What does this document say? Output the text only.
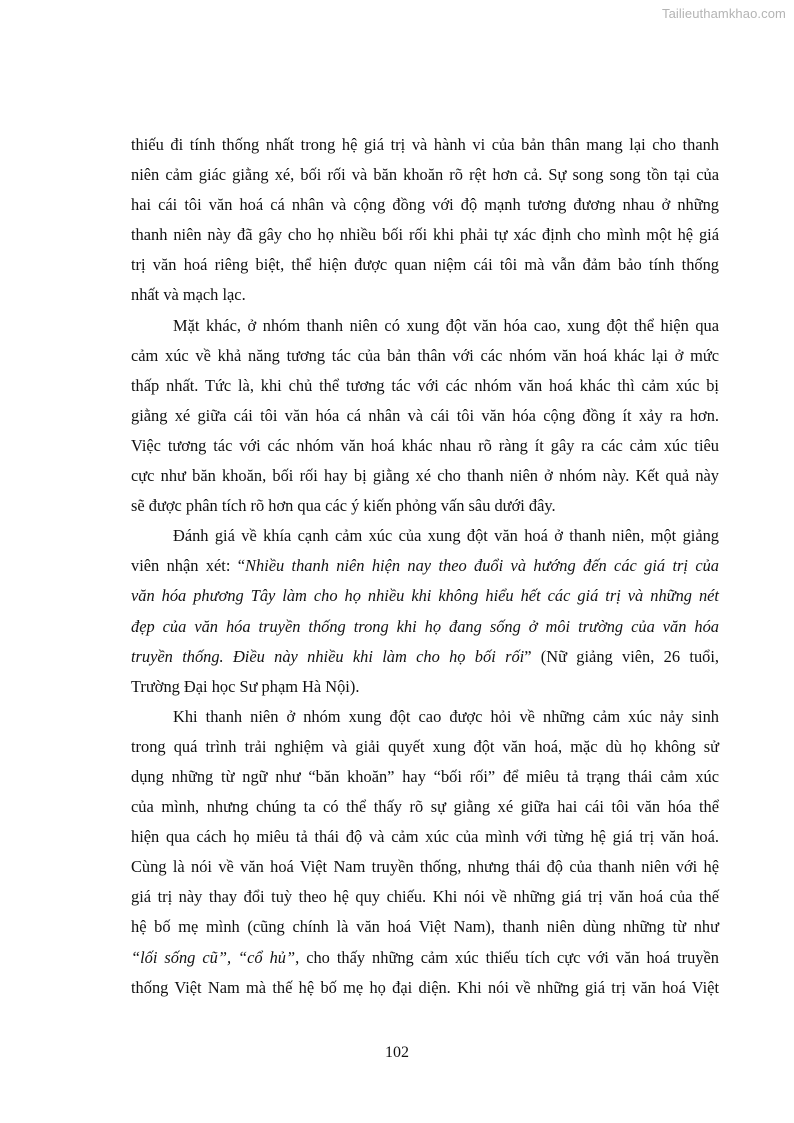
Tailieuthamkhao.com

thiếu đi tính thống nhất trong hệ giá trị và hành vi của bản thân mang lại cho thanh
niên cảm giác giằng xé, bối rối và băn khoăn rõ rệt hơn cả. Sự song song tồn tại của
hai cái tôi văn hoá cá nhân và cộng đồng với độ mạnh tương đương nhau ở những
thanh niên này đã gây cho họ nhiều bối rối khi phải tự xác định cho mình một hệ giá
trị văn hoá riêng biệt, thể hiện được quan niệm cái tôi mà vẫn đảm bảo tính thống
nhất và mạch lạc.

Mặt khác, ở nhóm thanh niên có xung đột văn hóa cao, xung đột thể hiện qua
cảm xúc về khả năng tương tác của bản thân với các nhóm văn hoá khác lại ở mức
thấp nhất. Tức là, khi chủ thể tương tác với các nhóm văn hoá khác thì cảm xúc bị
giằng xé giữa cái tôi văn hóa cá nhân và cái tôi văn hóa cộng đồng ít xảy ra hơn.
Việc tương tác với các nhóm văn hoá khác nhau rõ ràng ít gây ra các cảm xúc tiêu
cực như băn khoăn, bối rối hay bị giằng xé cho thanh niên ở nhóm này. Kết quả này
sẽ được phân tích rõ hơn qua các ý kiến phỏng vấn sâu dưới đây.

Đánh giá về khía cạnh cảm xúc của xung đột văn hoá ở thanh niên, một giảng
viên nhận xét: “Nhiều thanh niên hiện nay theo đuổi và hướng đến các giá trị của
văn hóa phương Tây làm cho họ nhiều khi không hiểu hết các giá trị và những nét
đẹp của văn hóa truyền thống trong khi họ đang sống ở môi trường của văn hóa
truyền thống. Điều này nhiều khi làm cho họ bối rối” (Nữ giảng viên, 26 tuổi,
Trường Đại học Sư phạm Hà Nội).

Khi thanh niên ở nhóm xung đột cao được hỏi về những cảm xúc nảy sinh
trong quá trình trải nghiệm và giải quyết xung đột văn hoá, mặc dù họ không sử
dụng những từ ngữ như “băn khoăn” hay “bối rối” để miêu tả trạng thái cảm xúc
của mình, nhưng chúng ta có thể thấy rõ sự giằng xé giữa hai cái tôi văn hóa thể
hiện qua cách họ miêu tả thái độ và cảm xúc của mình với từng hệ giá trị văn hoá.
Cùng là nói về văn hoá Việt Nam truyền thống, nhưng thái độ của thanh niên với hệ
giá trị này thay đổi tuỳ theo hệ quy chiếu. Khi nói về những giá trị văn hoá của thế
hệ bố mẹ mình (cũng chính là văn hoá Việt Nam), thanh niên dùng những từ như
“lối sống cũ”, “cổ hủ”, cho thấy những cảm xúc thiếu tích cực với văn hoá truyền
thống Việt Nam mà thế hệ bố mẹ họ đại diện. Khi nói về những giá trị văn hoá Việt

102
